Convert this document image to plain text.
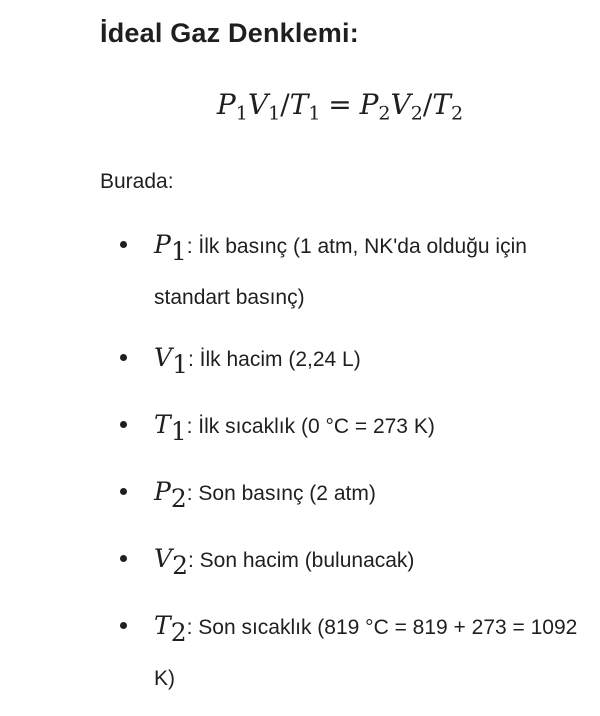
İdeal Gaz Denklemi:
$P_1V_1/T_1 = P_2V_2/T_2$
Burada:
P1: İlk basınç (1 atm, NK'da olduğu için standart basınç)
V1: İlk hacim (2,24 L)
T1: İlk sıcaklık (0 °C = 273 K)
P2: Son basınç (2 atm)
V2: Son hacim (bulunacak)
T2: Son sıcaklık (819 °C = 819 + 273 = 1092 K)
